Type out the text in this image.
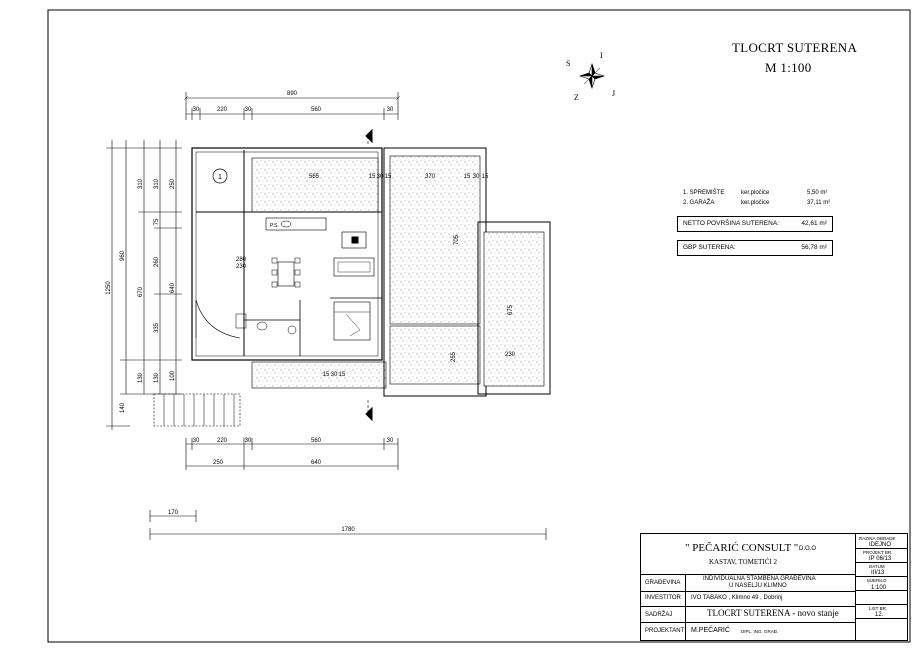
1
P.S.
890
30	220	30	560	30
565	15 30 15	370	15 30 15
280
230
705
675
255	230
15 30 15
30	220	30	560	30
250	640
170
1780
1250
960
310
670
130
140
310
75
260
335
130
250
640
100
S
I
Z	J
TLOCRT SUTERENA
M 1:100
1. SPREMIŠTE	ker.pločice	5,50 m²
2. GARAŽA	ker.pločice	37,11 m²
NETTO POVRŠINA SUTERENA:	42,61 m²
GBP SUTERENA:	56,78 m²
" PEČARIĆ CONSULT " D.O.O
KASTAV, TOMETIĆI 2
GRAĐEVINA
INDIVIDUALNA STAMBENA GRAĐEVINA
U NASELJU KLIMNO
INVESTITOR IVO TABAKO , Klimno 49 , Dobrinj
SADRŽAJ	TLOCRT SUTERENA - novo stanje
PROJEKTANT M.PEČARIĆ DIPL. ING. GRAĐ.
RAZINA OBRADE
IDEJNO
PROJEKT BR.
IP 06/13
DATUM
III/13
MJERILO
1:100
LIST BR.
12.
